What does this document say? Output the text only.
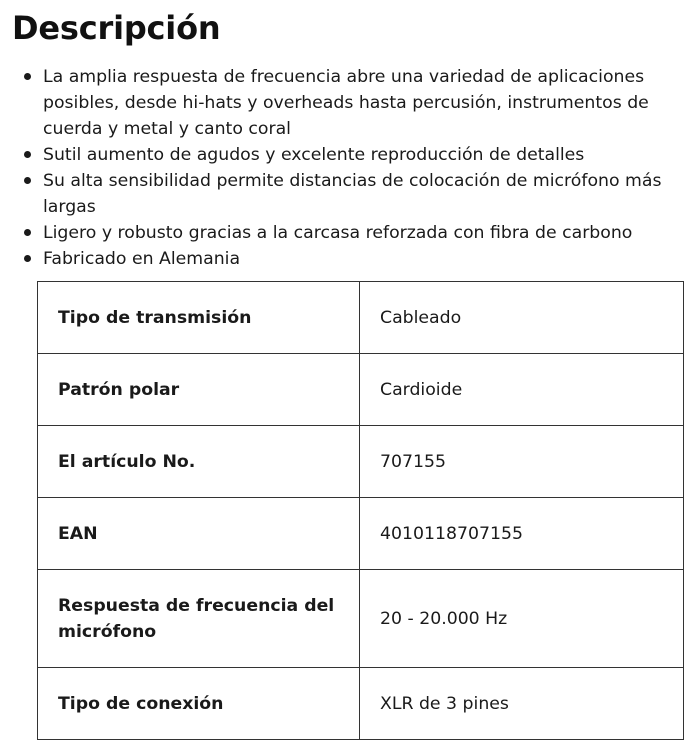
Descripción
La amplia respuesta de frecuencia abre una variedad de aplicaciones posibles, desde hi-hats y overheads hasta percusión, instrumentos de cuerda y metal y canto coral
Sutil aumento de agudos y excelente reproducción de detalles
Su alta sensibilidad permite distancias de colocación de micrófono más largas
Ligero y robusto gracias a la carcasa reforzada con fibra de carbono
Fabricado en Alemania
Tipo de transmisión	Cableado
Patrón polar	Cardioide
El artículo No.	707155
EAN	4010118707155
Respuesta de frecuencia del micrófono	20 - 20.000 Hz
Tipo de conexión	XLR de 3 pines
